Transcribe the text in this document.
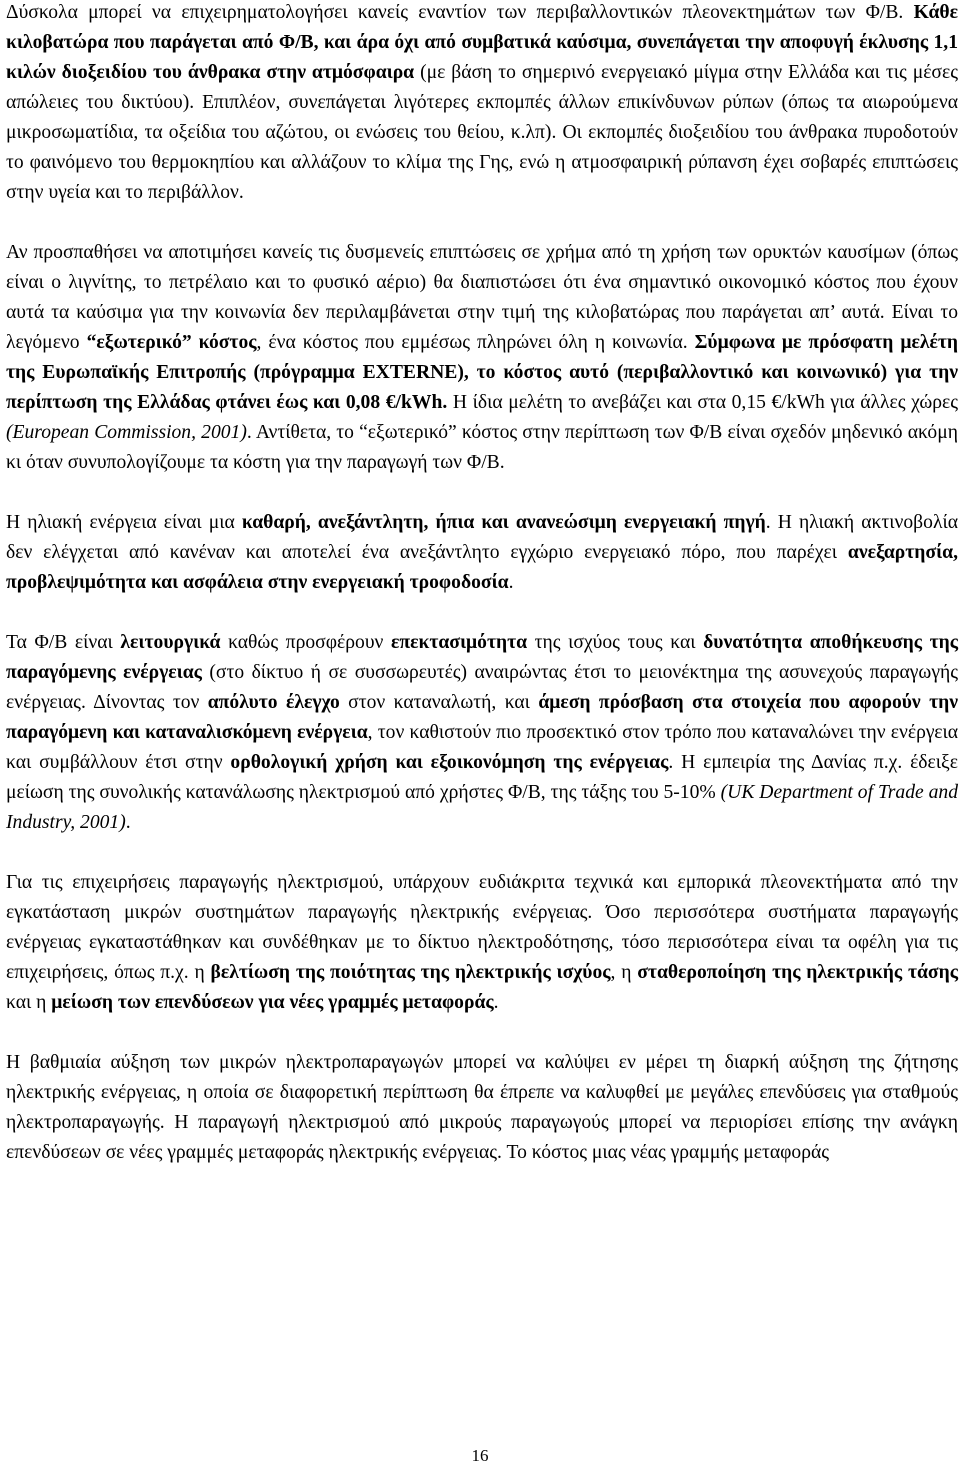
Δύσκολα μπορεί να επιχειρηματολογήσει κανείς εναντίον των περιβαλλοντικών πλεονεκτημάτων των Φ/Β. Κάθε κιλοβατώρα που παράγεται από Φ/Β, και άρα όχι από συμβατικά καύσιμα, συνεπάγεται την αποφυγή έκλυσης 1,1 κιλών διοξειδίου του άνθρακα στην ατμόσφαιρα (με βάση το σημερινό ενεργειακό μίγμα στην Ελλάδα και τις μέσες απώλειες του δικτύου). Επιπλέον, συνεπάγεται λιγότερες εκπομπές άλλων επικίνδυνων ρύπων (όπως τα αιωρούμενα μικροσωματίδια, τα οξείδια του αζώτου, οι ενώσεις του θείου, κ.λπ). Οι εκπομπές διοξειδίου του άνθρακα πυροδοτούν το φαινόμενο του θερμοκηπίου και αλλάζουν το κλίμα της Γης, ενώ η ατμοσφαιρική ρύπανση έχει σοβαρές επιπτώσεις στην υγεία και το περιβάλλον.

Αν προσπαθήσει να αποτιμήσει κανείς τις δυσμενείς επιπτώσεις σε χρήμα από τη χρήση των ορυκτών καυσίμων (όπως είναι ο λιγνίτης, το πετρέλαιο και το φυσικό αέριο) θα διαπιστώσει ότι ένα σημαντικό οικονομικό κόστος που έχουν αυτά τα καύσιμα για την κοινωνία δεν περιλαμβάνεται στην τιμή της κιλοβατώρας που παράγεται απ’ αυτά. Είναι το λεγόμενο “εξωτερικό” κόστος, ένα κόστος που εμμέσως πληρώνει όλη η κοινωνία. Σύμφωνα με πρόσφατη μελέτη της Ευρωπαϊκής Επιτροπής (πρόγραμμα EXTERNE), το κόστος αυτό (περιβαλλοντικό και κοινωνικό) για την περίπτωση της Ελλάδας φτάνει έως και 0,08 €/kWh. Η ίδια μελέτη το ανεβάζει και στα 0,15 €/kWh για άλλες χώρες (European Commission, 2001). Αντίθετα, το “εξωτερικό” κόστος στην περίπτωση των Φ/Β είναι σχεδόν μηδενικό ακόμη κι όταν συνυπολογίζουμε τα κόστη για την παραγωγή των Φ/Β.

Η ηλιακή ενέργεια είναι μια καθαρή, ανεξάντλητη, ήπια και ανανεώσιμη ενεργειακή πηγή. Η ηλιακή ακτινοβολία δεν ελέγχεται από κανέναν και αποτελεί ένα ανεξάντλητο εγχώριο ενεργειακό πόρο, που παρέχει ανεξαρτησία, προβλεψιμότητα και ασφάλεια στην ενεργειακή τροφοδοσία.

Τα Φ/Β είναι λειτουργικά καθώς προσφέρουν επεκτασιμότητα της ισχύος τους και δυνατότητα αποθήκευσης της παραγόμενης ενέργειας (στο δίκτυο ή σε συσσωρευτές) αναιρώντας έτσι το μειονέκτημα της ασυνεχούς παραγωγής ενέργειας. Δίνοντας τον απόλυτο έλεγχο στον καταναλωτή, και άμεση πρόσβαση στα στοιχεία που αφορούν την παραγόμενη και καταναλισκόμενη ενέργεια, τον καθιστούν πιο προσεκτικό στον τρόπο που καταναλώνει την ενέργεια και συμβάλλουν έτσι στην ορθολογική χρήση και εξοικονόμηση της ενέργειας. Η εμπειρία της Δανίας π.χ. έδειξε μείωση της συνολικής κατανάλωσης ηλεκτρισμού από χρήστες Φ/Β, της τάξης του 5-10% (UK Department of Trade and Industry, 2001).

Για τις επιχειρήσεις παραγωγής ηλεκτρισμού, υπάρχουν ευδιάκριτα τεχνικά και εμπορικά πλεονεκτήματα από την εγκατάσταση μικρών συστημάτων παραγωγής ηλεκτρικής ενέργειας. Όσο περισσότερα συστήματα παραγωγής ενέργειας εγκαταστάθηκαν και συνδέθηκαν με το δίκτυο ηλεκτροδότησης, τόσο περισσότερα είναι τα οφέλη για τις επιχειρήσεις, όπως π.χ. η βελτίωση της ποιότητας της ηλεκτρικής ισχύος, η σταθεροποίηση της ηλεκτρικής τάσης και η μείωση των επενδύσεων για νέες γραμμές μεταφοράς.

Η βαθμιαία αύξηση των μικρών ηλεκτροπαραγωγών μπορεί να καλύψει εν μέρει τη διαρκή αύξηση της ζήτησης ηλεκτρικής ενέργειας, η οποία σε διαφορετική περίπτωση θα έπρεπε να καλυφθεί με μεγάλες επενδύσεις για σταθμούς ηλεκτροπαραγωγής. Η παραγωγή ηλεκτρισμού από μικρούς παραγωγούς μπορεί να περιορίσει επίσης την ανάγκη επενδύσεων σε νέες γραμμές μεταφοράς ηλεκτρικής ενέργειας. Το κόστος μιας νέας γραμμής μεταφοράς

16
